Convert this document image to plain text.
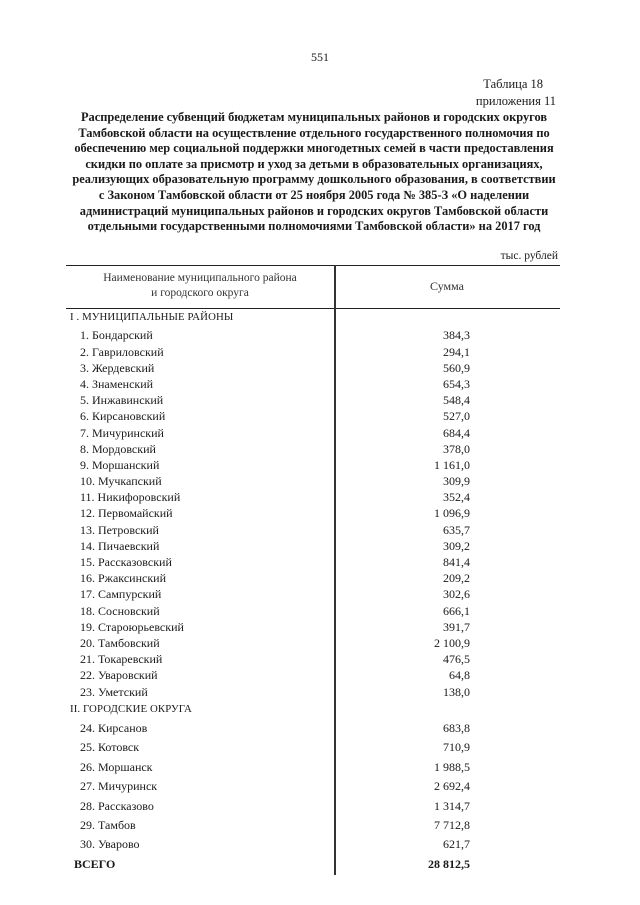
551
Таблица 18
приложения 11
Распределение субвенций бюджетам муниципальных районов и городских округов
Тамбовской области на осуществление отдельного государственного полномочия по
обеспечению мер социальной поддержки многодетных семей в части предоставления
скидки по оплате за присмотр и уход за детьми в образовательных организациях,
реализующих образовательную программу дошкольного образования, в соответствии
с Законом Тамбовской области от 25 ноября 2005 года № 385-З «О наделении
администраций муниципальных районов и городских округов Тамбовской области
отдельными государственными полномочиями Тамбовской области» на 2017 год
тыс. рублей
Наименование муниципального района
и городского округа	Сумма
I . МУНИЦИПАЛЬНЫЕ РАЙОНЫ
1. Бондарский	384,3
2. Гавриловский	294,1
3. Жердевский	560,9
4. Знаменский	654,3
5. Инжавинский	548,4
6. Кирсановский	527,0
7. Мичуринский	684,4
8. Мордовский	378,0
9. Моршанский	1 161,0
10. Мучкапский	309,9
11. Никифоровский	352,4
12. Первомайский	1 096,9
13. Петровский	635,7
14. Пичаевский	309,2
15. Рассказовский	841,4
16. Ржаксинский	209,2
17. Сампурский	302,6
18. Сосновский	666,1
19. Староюрьевский	391,7
20. Тамбовский	2 100,9
21. Токаревский	476,5
22. Уваровский	64,8
23. Уметский	138,0
II. ГОРОДСКИЕ ОКРУГА
24. Кирсанов	683,8
25. Котовск	710,9
26. Моршанск	1 988,5
27. Мичуринск	2 692,4
28. Рассказово	1 314,7
29. Тамбов	7 712,8
30. Уварово	621,7
ВСЕГО	28 812,5
